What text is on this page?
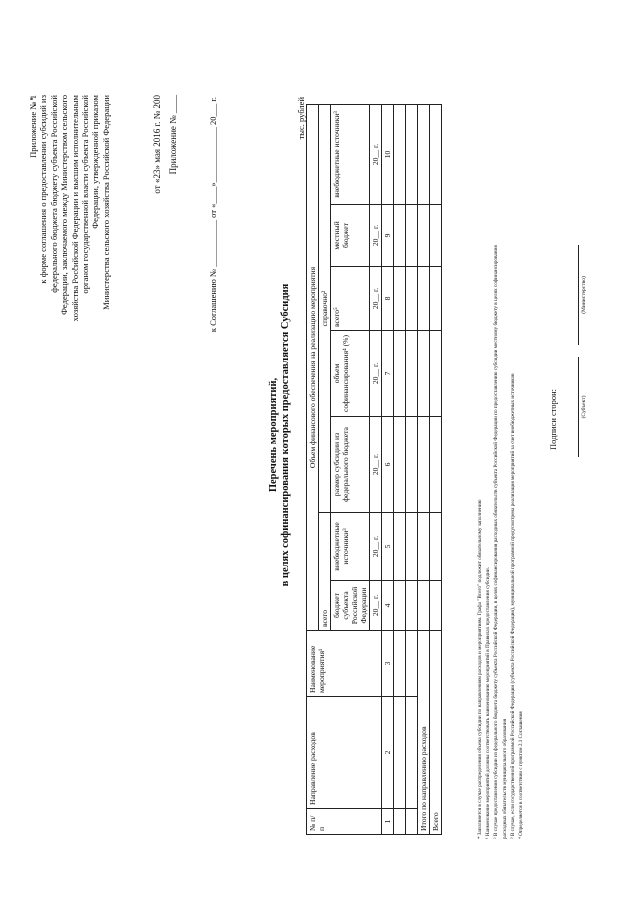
Приложение № 1 к форме соглашения о предоставлении субсидий из федерального бюджета бюджету субъекта Российской Федерации, заключаемого между Министерством сельского хозяйства Российской Федерации и высшим исполнительным органом государственной власти субъекта Российской Федерации, утвержденной приказом Министерства сельского хозяйства Российской Федерации	от «23» мая 2016 г. № 200 Приложение № ____	к Соглашению № ___________ от «____»_____________ 20___ г.
Перечень мероприятий, в целях софинансирования которых предоставляется Субсидия
тыс. рублей
№ п/п	Направление расходов	Наименование мероприятия¹	Объем финансового обеспечения на реализацию мероприятия						
			всего		справочно²				
			бюджет субъекта Российской Федерации	внебюджетные источники³	размер субсидии из федерального бюджета	объем софинансирования⁴ (%)	всего⁵	местный бюджет	внебюджетные источники³
			20__ г.	20__ г.	20__ г.	20__ г.	20__ г.	20__ г.	20__ г.
1	2	3	4	5	6	7	8	9	10

Итого по направлению расходов									
Всего									
Подписи сторон:	(Субъект)
(Министерство)
* Заполняется в случае распределения объема субсидии по направлениям расходов и мероприятиям. Графа "Всего" подлежит обязательному заполнению ¹ Наименование мероприятий должны соответствовать наименованию мероприятий в Правилах предоставления субсидии. ² В случае предоставления субсидии из федерального бюджета бюджету субъекта Российской Федерации, в целях софинансирования расходных обязательств субъекта Российской Федерации по предоставлению субсидии местному бюджету в целях софинансирования расходных обязательств муниципального образования ³ В случае, если государственной программой Российской Федерации (субъекта Российской Федерации), муниципальной программой предусмотрена реализация мероприятий за счет внебюджетных источников ⁴ Определяется в соответствии с пунктом 2.1 Соглашения
